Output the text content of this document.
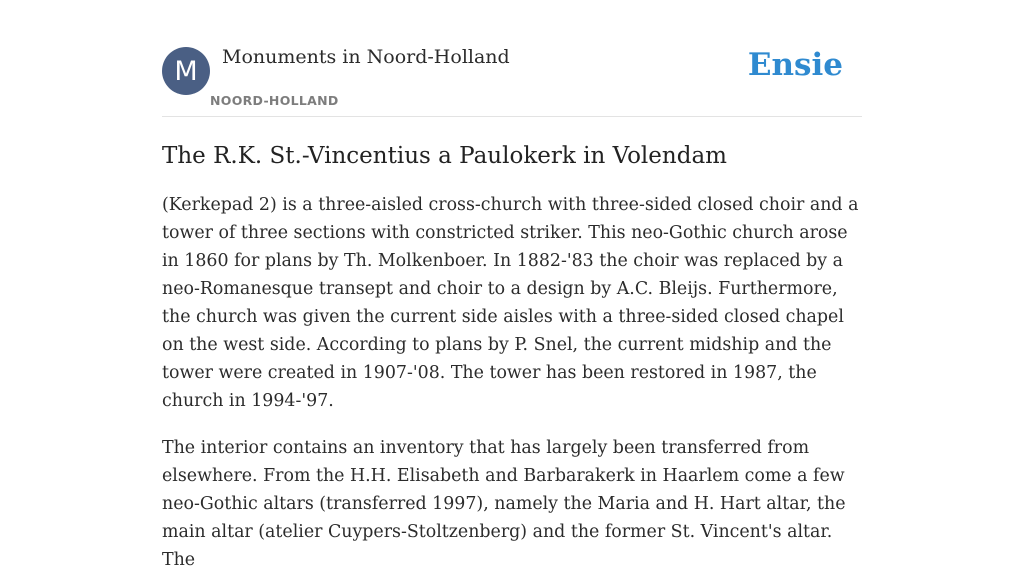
M	Monuments in Noord-Holland
NOORD-HOLLAND
Ensie
The R.K. St.-Vincentius a Paulokerk in Volendam

(Kerkepad 2) is a three-aisled cross-church with three-sided closed choir and a tower of three sections with constricted striker. This neo-Gothic church arose in 1860 for plans by Th. Molkenboer. In 1882-'83 the choir was replaced by a neo-Romanesque transept and choir to a design by A.C. Bleijs. Furthermore, the church was given the current side aisles with a three-sided closed chapel on the west side. According to plans by P. Snel, the current midship and the tower were created in 1907-'08. The tower has been restored in 1987, the church in 1994-'97.

The interior contains an inventory that has largely been transferred from elsewhere. From the H.H. Elisabeth and Barbarakerk in Haarlem come a few neo-Gothic altars (transferred 1997), namely the Maria and H. Hart altar, the main altar (atelier Cuypers-Stoltzenberg) and the former St. Vincent's altar. The
